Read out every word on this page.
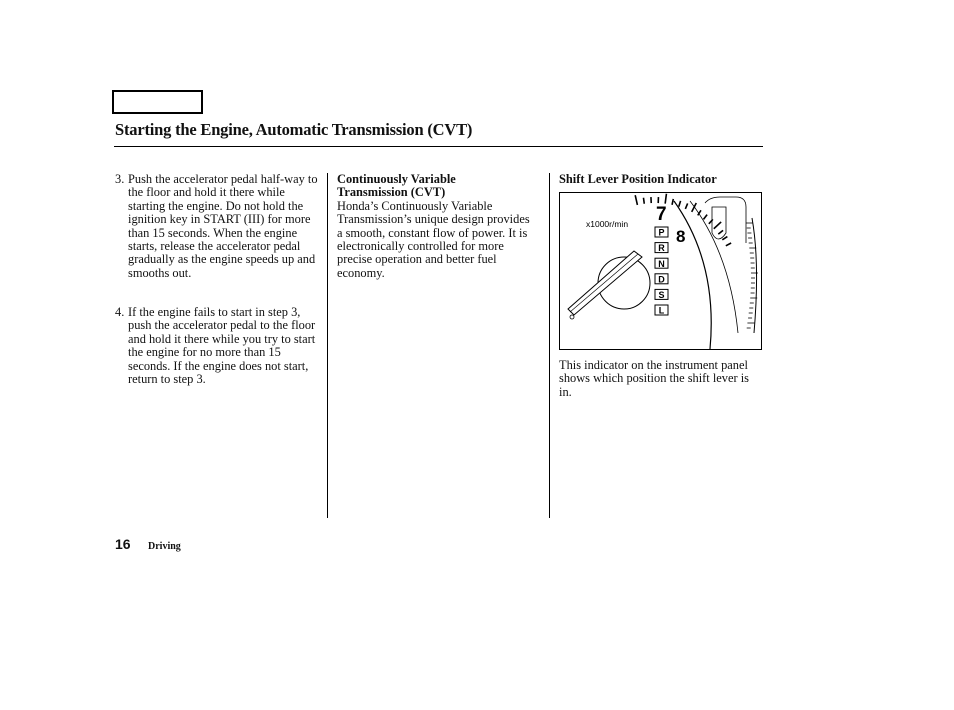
Starting the Engine, Automatic Transmission (CVT)
3. Push the accelerator pedal half-way to the floor and hold it there while starting the engine. Do not hold the ignition key in START (III) for more than 15 seconds. When the engine starts, release the accelerator pedal gradually as the engine speeds up and smooths out.
4. If the engine fails to start in step 3, push the accelerator pedal to the floor and hold it there while you try to start the engine for no more than 15 seconds. If the engine does not start, return to step 3.
Continuously Variable
Transmission (CVT)
Honda’s Continuously Variable Transmission’s unique design provides a smooth, constant flow of power. It is electronically controlled for more precise operation and better fuel economy.
Shift Lever Position Indicator
x1000r/min 7
8
P
R
N
D
S
L
This indicator on the instrument panel shows which position the shift lever is in.
16 Driving
